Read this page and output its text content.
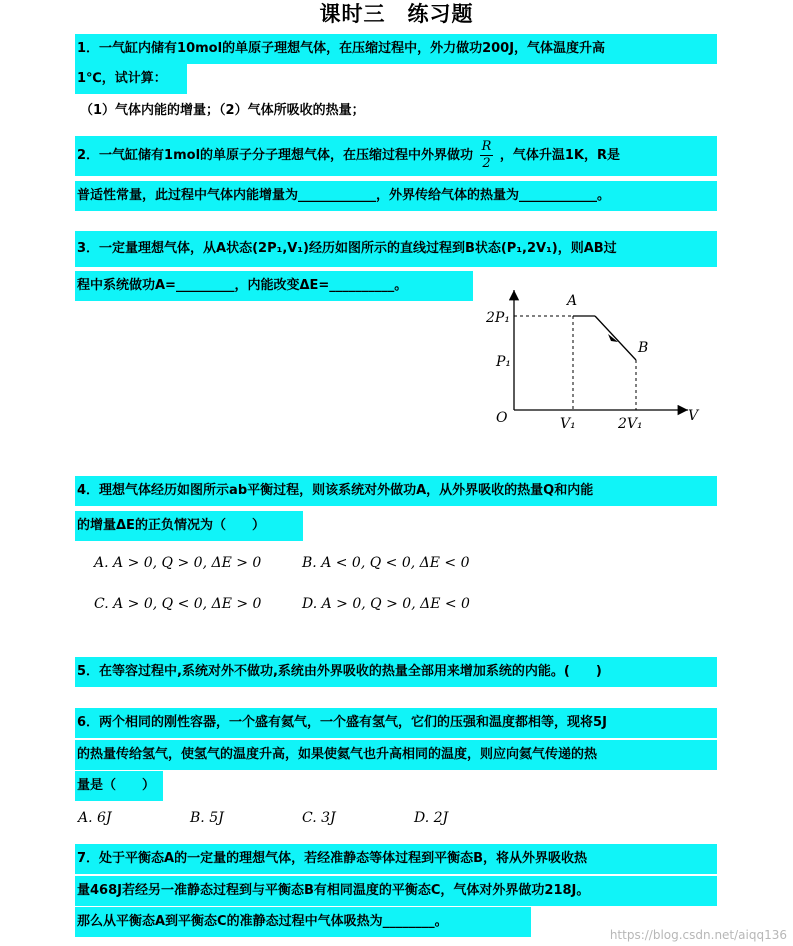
课时三　练习题
1．一气缸内储有10mol的单原子理想气体，在压缩过程中，外力做功200J，气体温度升高
1℃，试计算：
（1）气体内能的增量；（2）气体所吸收的热量；
2．一气缸储有1mol的单原子分子理想气体，在压缩过程中外界做功 $\frac{R}{2}$ ，气体升温1K，R是
普适性常量，此过程中气体内能增量为____________，外界传给气体的热量为____________。
3．一定量理想气体，从A状态(2P₁,V₁)经历如图所示的直线过程到B状态(P₁,2V₁)，则AB过
程中系统做功A=_________，内能改变ΔE=__________。
A
B
2P₁
P₁
O	V₁	2V₁	V
4．理想气体经历如图所示ab平衡过程，则该系统对外做功A，从外界吸收的热量Q和内能
的增量ΔE的正负情况为（　　）
A. A > 0, Q > 0, ΔE > 0	B. A < 0, Q < 0, ΔE < 0
C. A > 0, Q < 0, ΔE > 0	D. A > 0, Q > 0, ΔE < 0
5．在等容过程中,系统对外不做功,系统由外界吸收的热量全部用来增加系统的内能。(　　)
6．两个相同的刚性容器，一个盛有氦气，一个盛有氢气，它们的压强和温度都相等，现将5J
的热量传给氢气，使氢气的温度升高，如果使氦气也升高相同的温度，则应向氦气传递的热
量是（　　）
A. 6J	B. 5J	C. 3J	D. 2J
7．处于平衡态A的一定量的理想气体，若经准静态等体过程到平衡态B，将从外界吸收热
量468J若经另一准静态过程到与平衡态B有相同温度的平衡态C，气体对外界做功218J。
那么从平衡态A到平衡态C的准静态过程中气体吸热为________。
https://blog.csdn.net/aiqq136
